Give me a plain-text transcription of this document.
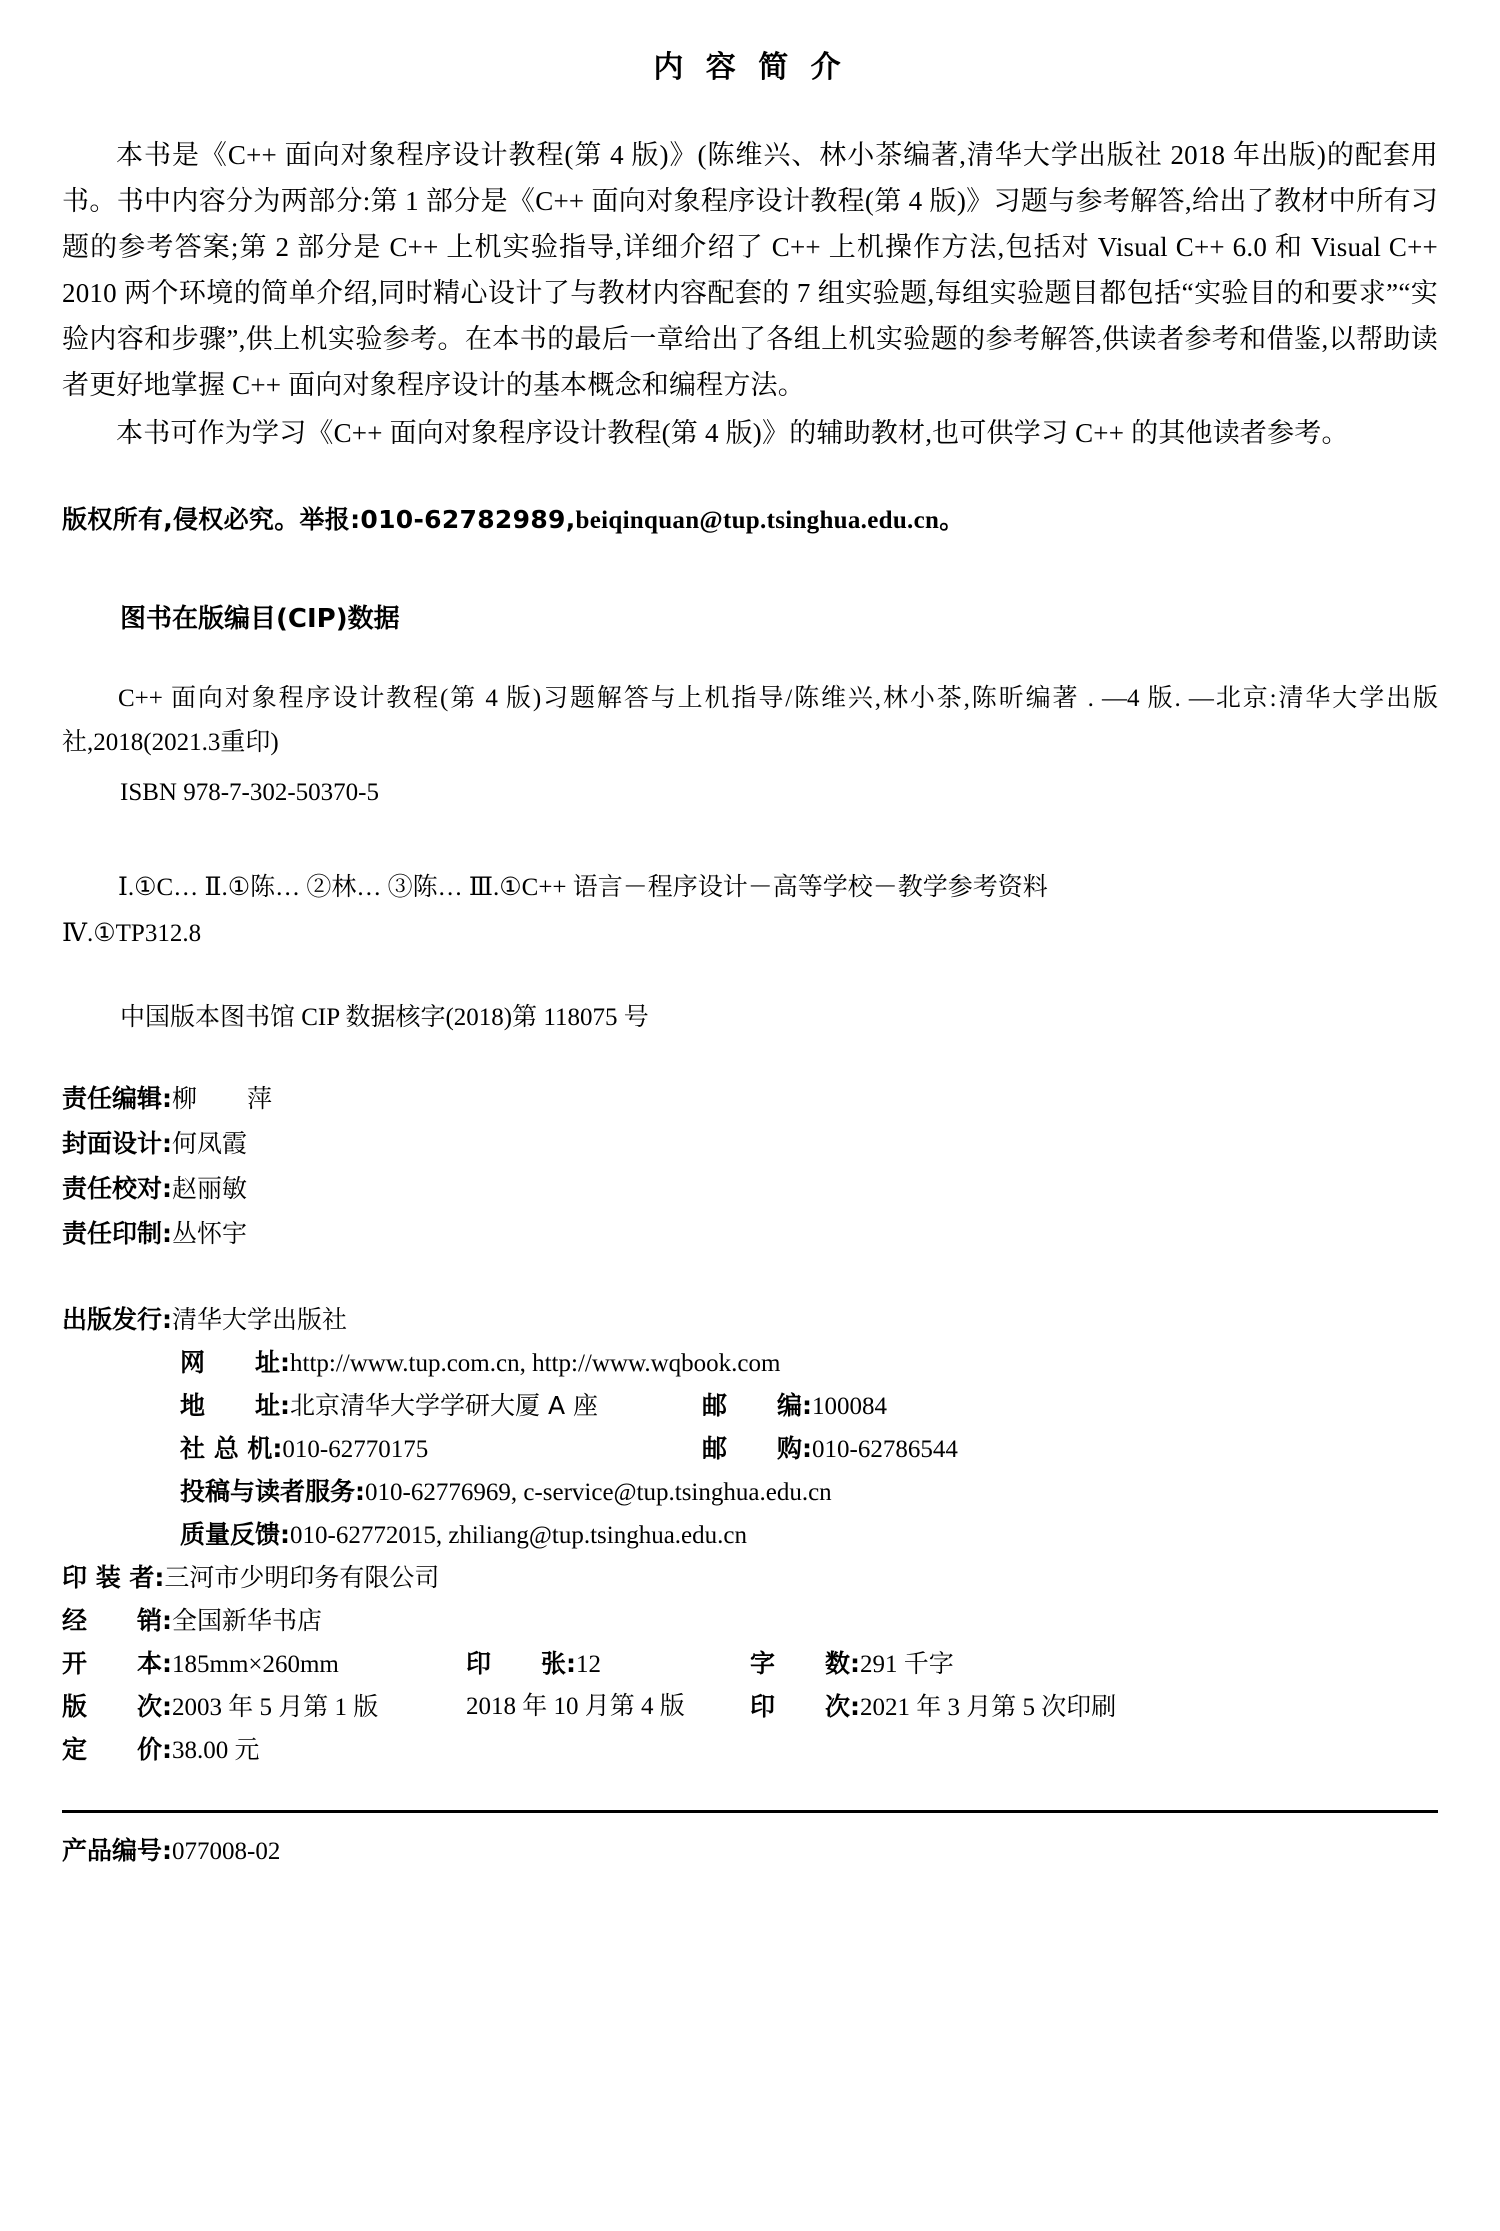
内 容 简 介

本书是《C++ 面向对象程序设计教程(第 4 版)》(陈维兴、林小茶编著,清华大学出版社 2018 年出版)的配套用书。书中内容分为两部分:第 1 部分是《C++ 面向对象程序设计教程(第 4 版)》习题与参考解答,给出了教材中所有习题的参考答案;第 2 部分是 C++ 上机实验指导,详细介绍了 C++ 上机操作方法,包括对 Visual C++ 6.0 和 Visual C++ 2010 两个环境的简单介绍,同时精心设计了与教材内容配套的 7 组实验题,每组实验题目都包括“实验目的和要求”“实验内容和步骤”,供上机实验参考。在本书的最后一章给出了各组上机实验题的参考解答,供读者参考和借鉴,以帮助读者更好地掌握 C++ 面向对象程序设计的基本概念和编程方法。

本书可作为学习《C++ 面向对象程序设计教程(第 4 版)》的辅助教材,也可供学习 C++ 的其他读者参考。

版权所有,侵权必究。举报:010-62782989,beiqinquan@tup.tsinghua.edu.cn。
图书在版编目(CIP)数据

C++ 面向对象程序设计教程(第 4 版)习题解答与上机指导/陈维兴,林小茶,陈昕编著 . —4 版. —北京:清华大学出版社,2018(2021.3重印)

ISBN 978-7-302-50370-5
Ⅰ.①C… Ⅱ.①陈… ②林… ③陈… Ⅲ.①C++ 语言－程序设计－高等学校－教学参考资料
Ⅳ.①TP312.8
中国版本图书馆 CIP 数据核字(2018)第 118075 号
责任编辑:柳　　萍
封面设计:何凤霞
责任校对:赵丽敏
责任印制:丛怀宇
出版发行:清华大学出版社
网　　址:http://www.tup.com.cn, http://www.wqbook.com
地　　址:北京清华大学学研大厦 A 座	邮　　编:100084
社 总 机:010-62770175	邮　　购:010-62786544
投稿与读者服务:010-62776969, c-service@tup.tsinghua.edu.cn
质量反馈:010-62772015, zhiliang@tup.tsinghua.edu.cn
印 装 者:三河市少明印务有限公司
经　　销:全国新华书店
开　　本:185mm×260mm	印　　张:12	字　　数:291 千字
版　　次:2003 年 5 月第 1 版	2018 年 10 月第 4 版	印　　次:2021 年 3 月第 5 次印刷
定　　价:38.00 元
产品编号:077008-02
